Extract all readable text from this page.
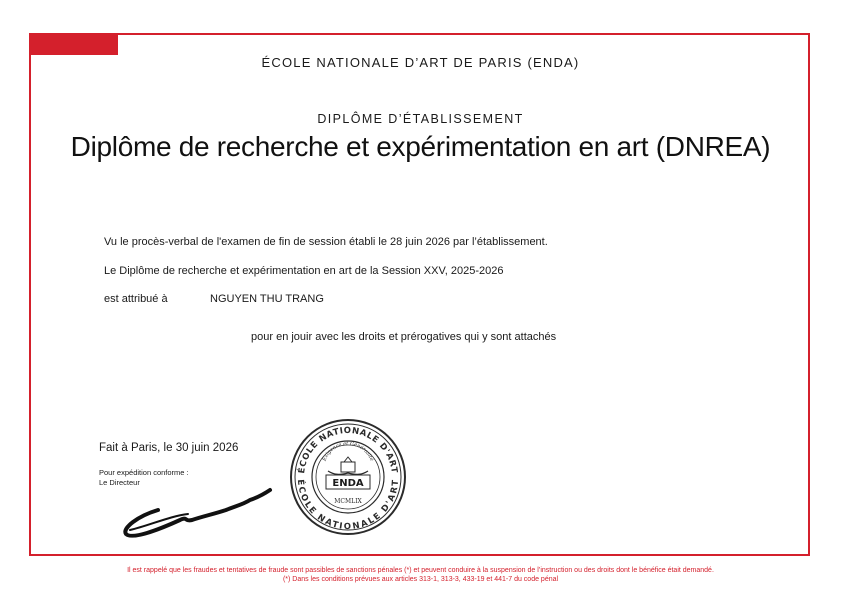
ÉCOLE NATIONALE D’ART DE PARIS (ENDA)
DIPLÔME D’ÉTABLISSEMENT
Diplôme de recherche et expérimentation en art (DNREA)
Vu le procès-verbal de l'examen de fin de session établi le 28 juin 2026 par l’établissement.
Le Diplôme de recherche et expérimentation en art de la Session XXV, 2025-2026
est attribué à	NGUYEN THU TRANG
pour en jouir avec les droits et prérogatives qui y sont attachés
Fait à Paris, le 30 juin 2026
Pour expédition conforme :
Le Directeur
ÉCOLE NATIONALE D'ART
ÉCOLE NATIONALE D'ART
Exigence et Générosité
ENDA
MCMLIX
Il est rappelé que les fraudes et tentatives de fraude sont passibles de sanctions pénales (*) et peuvent conduire à la suspension de l’instruction ou des droits dont le bénéfice était demandé.
(*) Dans les conditions prévues aux articles 313-1, 313-3, 433-19 et 441-7 du code pénal
